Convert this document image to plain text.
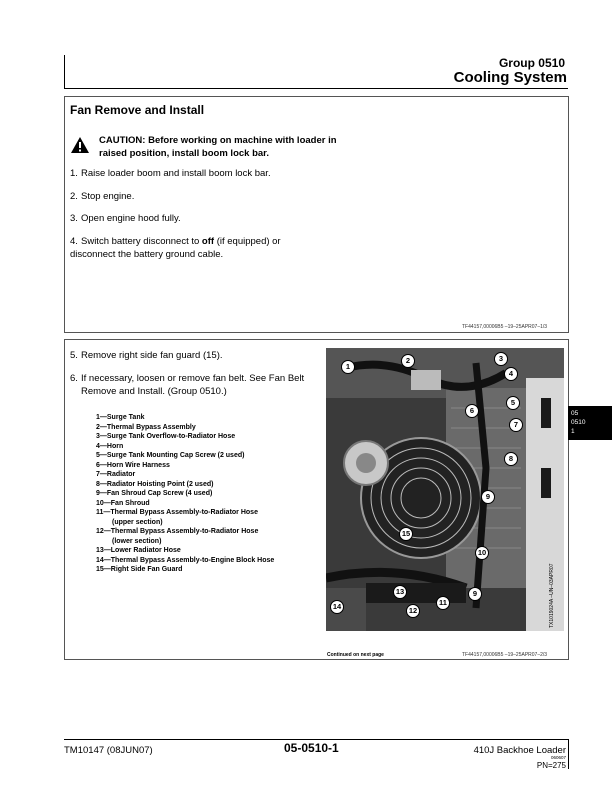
Group 0510
Cooling System
Fan Remove and Install
CAUTION: Before working on machine with loader in raised position, install boom lock bar.
1. Raise loader boom and install boom lock bar.
2. Stop engine.
3. Open engine hood fully.
4. Switch battery disconnect to off (if equipped) or disconnect the battery ground cable.
TF44157,00006B5 –19–25APR07–1/3
5. Remove right side fan guard (15).
6. If necessary, loosen or remove fan belt. See Fan Belt
Remove and Install. (Group 0510.)
1—Surge Tank
2—Thermal Bypass Assembly
3—Surge Tank Overflow-to-Radiator Hose
4—Horn
5—Surge Tank Mounting Cap Screw (2 used)
6—Horn Wire Harness
7—Radiator
8—Radiator Hoisting Point (2 used)
9—Fan Shroud Cap Screw (4 used)
10—Fan Shroud
11—Thermal Bypass Assembly-to-Radiator Hose
(upper section)
12—Thermal Bypass Assembly-to-Radiator Hose
(lower section)
13—Lower Radiator Hose
14—Thermal Bypass Assembly-to-Engine Block Hose
15—Right Side Fan Guard
1
2	3
4
5
6
7
8
9
10
11
12
13
14
15
9	TX1019024A –UN–03APR07
Continued on next page	TF44157,00006B5 –19–25APR07–2/3
05
0510
1
TM10147 (08JUN07)	05-0510-1	410J Backhoe Loader
060607
PN=275
